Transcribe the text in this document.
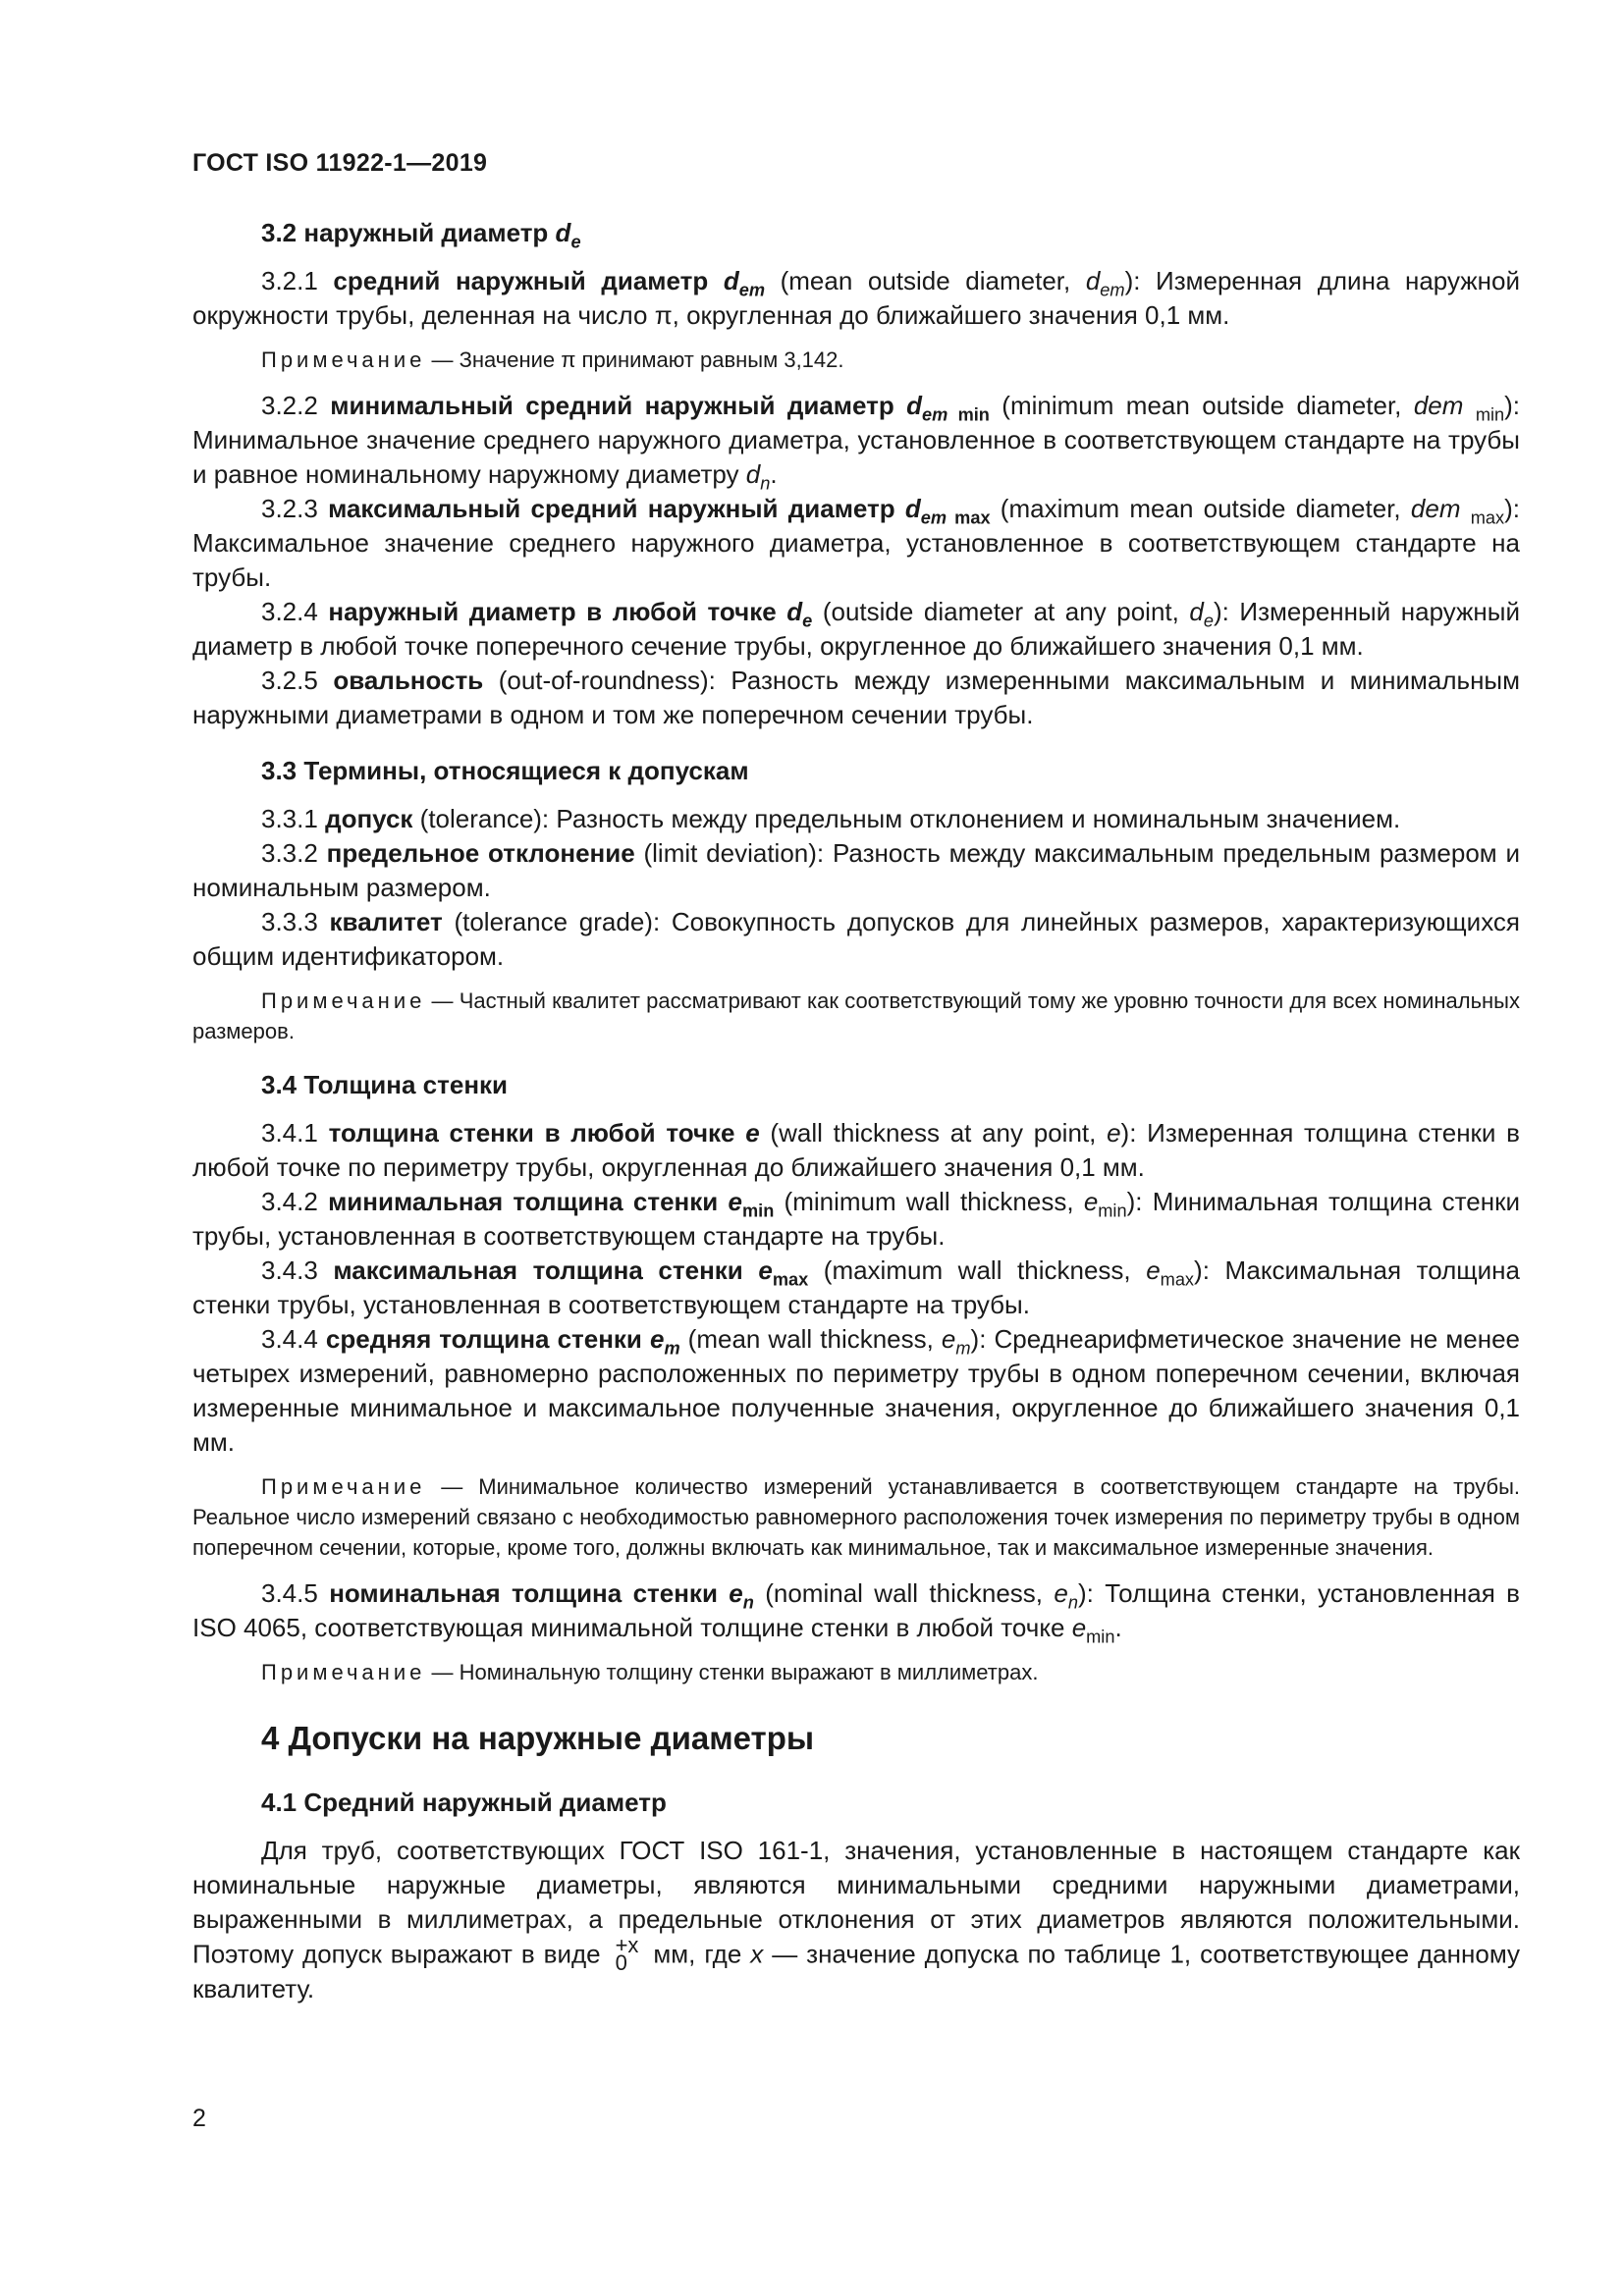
ГОСТ ISO 11922-1—2019
3.2 наружный диаметр $d_e$

3.2.1 средний наружный диаметр $d_{em}$ (mean outside diameter, $d_{em}$): Измеренная длина наружной окружности трубы, деленная на число π, округленная до ближайшего значения 0,1 мм.

Примечание — Значение π принимают равным 3,142.

3.2.2 минимальный средний наружный диаметр $d_{em min}$ (minimum mean outside diameter, dem $_{min}$): Минимальное значение среднего наружного диаметра, установленное в соответствующем стандарте на трубы и равное номинальному наружному диаметру $d_n$.

3.2.3 максимальный средний наружный диаметр $d_{em max}$ (maximum mean outside diameter, dem $_{max}$): Максимальное значение среднего наружного диаметра, установленное в соответствующем стандарте на трубы.

3.2.4 наружный диаметр в любой точке $d_e$ (outside diameter at any point, $d_e$): Измеренный наружный диаметр в любой точке поперечного сечение трубы, округленное до ближайшего значения 0,1 мм.

3.2.5 овальность (out-of-roundness): Разность между измеренными максимальным и минимальным наружными диаметрами в одном и том же поперечном сечении трубы.

3.3 Термины, относящиеся к допускам

3.3.1 допуск (tolerance): Разность между предельным отклонением и номинальным значением.

3.3.2 предельное отклонение (limit deviation): Разность между максимальным предельным размером и номинальным размером.

3.3.3 квалитет (tolerance grade): Совокупность допусков для линейных размеров, характеризующихся общим идентификатором.

Примечание — Частный квалитет рассматривают как соответствующий тому же уровню точности для всех номинальных размеров.

3.4 Толщина стенки

3.4.1 толщина стенки в любой точке e (wall thickness at any point, e): Измеренная толщина стенки в любой точке по периметру трубы, округленная до ближайшего значения 0,1 мм.

3.4.2 минимальная толщина стенки $e_{min}$ (minimum wall thickness, $e_{min}$): Минимальная толщина стенки трубы, установленная в соответствующем стандарте на трубы.

3.4.3 максимальная толщина стенки $e_{max}$ (maximum wall thickness, $e_{max}$): Максимальная толщина стенки трубы, установленная в соответствующем стандарте на трубы.

3.4.4 средняя толщина стенки $e_m$ (mean wall thickness, $e_m$): Среднеарифметическое значение не менее четырех измерений, равномерно расположенных по периметру трубы в одном поперечном сечении, включая измеренные минимальное и максимальное полученные значения, округленное до ближайшего значения 0,1 мм.

Примечание — Минимальное количество измерений устанавливается в соответствующем стандарте на трубы. Реальное число измерений связано с необходимостью равномерного расположения точек измерения по периметру трубы в одном поперечном сечении, которые, кроме того, должны включать как минимальное, так и максимальное измеренные значения.

3.4.5 номинальная толщина стенки $e_n$ (nominal wall thickness, $e_n$): Толщина стенки, установленная в ISO 4065, соответствующая минимальной толщине стенки в любой точке $e_{min}$.

Примечание — Номинальную толщину стенки выражают в миллиметрах.

4 Допуски на наружные диаметры
4.1 Средний наружный диаметр

Для труб, соответствующих ГОСТ ISO 161-1, значения, установленные в настоящем стандарте как номинальные наружные диаметры, являются минимальными средними наружными диаметрами, выраженными в миллиметрах, а предельные отклонения от этих диаметров являются положительными. Поэтому допуск выражают в виде +x
0 мм, где x — значение допуска по таблице 1, соответствующее данному квалитету.

2
